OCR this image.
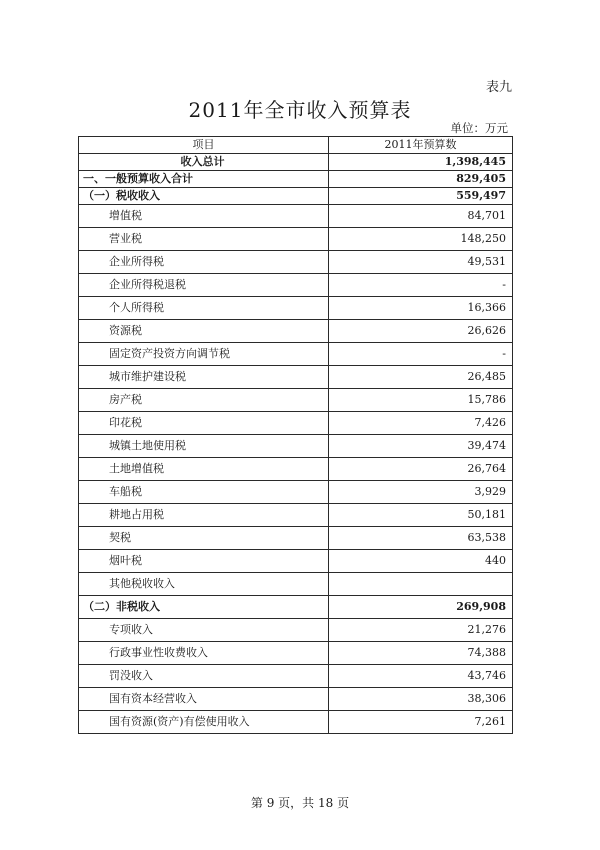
表九
2011年全市收入预算表
单位：万元
项目	2011年预算数
收入总计	1,398,445
一、一般预算收入合计	829,405
（一）税收收入	559,497
增值税	84,701
营业税	148,250
企业所得税	49,531
企业所得税退税	-
个人所得税	16,366
资源税	26,626
固定资产投资方向调节税	-
城市维护建设税	26,485
房产税	15,786
印花税	7,426
城镇土地使用税	39,474
土地增值税	26,764
车船税	3,929
耕地占用税	50,181
契税	63,538
烟叶税	440
其他税收收入	
（二）非税收入	269,908
专项收入	21,276
行政事业性收费收入	74,388
罚没收入	43,746
国有资本经营收入	38,306
国有资源(资产)有偿使用收入	7,261
第 9 页，共 18 页
